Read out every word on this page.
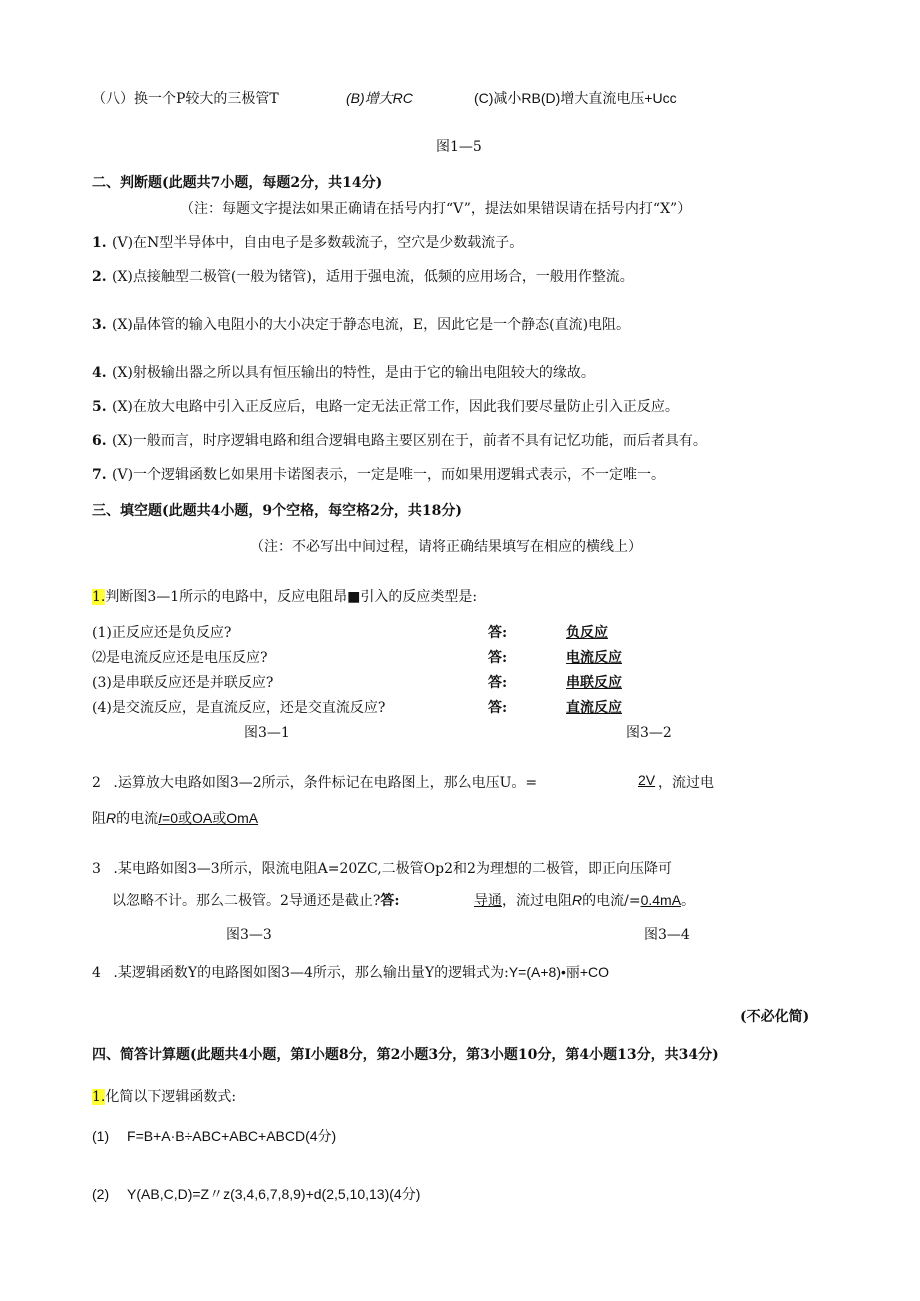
（八）换一个P较大的三极管T	(B)增大RC	(C)减小RB(D)增大直流电压+Ucc
图1—5
二、判断题(此题共7小题，每题2分，共14分)
（注：每题文字提法如果正确请在括号内打“V”，提法如果错误请在括号内打“X”）
1. (V)在N型半导体中，自由电子是多数载流子，空穴是少数载流子。
2. (X)点接触型二极管(一般为锗管)，适用于强电流，低频的应用场合，一般用作整流。
3. (X)晶体管的输入电阻小的大小决定于静态电流，E，因此它是一个静态(直流)电阻。
4. (X)射极输出器之所以具有恒压输出的特性，是由于它的输出电阻较大的缘故。
5. (X)在放大电路中引入正反应后，电路一定无法正常工作，因此我们要尽量防止引入正反应。
6. (X)一般而言，时序逻辑电路和组合逻辑电路主要区别在于，前者不具有记忆功能，而后者具有。
7. (V)一个逻辑函数匕如果用卡诺图表示，一定是唯一，而如果用逻辑式表示，不一定唯一。
三、填空题(此题共4小题，9个空格，每空格2分，共18分)
（注：不必写出中间过程，请将正确结果填写在相应的横线上）
1.判断图3—1所示的电路中，反应电阻昂■引入的反应类型是:
(1)正反应还是负反应?	答:	负反应
⑵是电流反应还是电压反应?	答:	电流反应
(3)是串联反应还是并联反应?	答:	串联反应
(4)是交流反应，是直流反应，还是交直流反应?	答:	直流反应
图3—1	图3—2
2 .运算放大电路如图3—2所示，条件标记在电路图上，那么电压U。=	2V ，流过电
阻R的电流I=0或OA或OmA
3 .某电路如图3—3所示，限流电阻A=20ZC,二极管Op2和2为理想的二极管，即正向压降可
以忽略不计。那么二极管。2导通还是截止?答:	导通，流过电阻R的电流/=0.4mA。
图3—3	图3—4
4 .某逻辑函数Y的电路图如图3—4所示，那么输出量Y的逻辑式为:Y=(A+8)•丽+CO
(不必化简)
四、简答计算题(此题共4小题，第I小题8分，第2小题3分，第3小题10分，第4小题13分，共34分)
1.化简以下逻辑函数式:
(1) F=B+A·B÷ABC+ABC+ABCD(4分)
(2) Y(AB,C,D)=Z〃z(3,4,6,7,8,9)+d(2,5,10,13)(4分)
